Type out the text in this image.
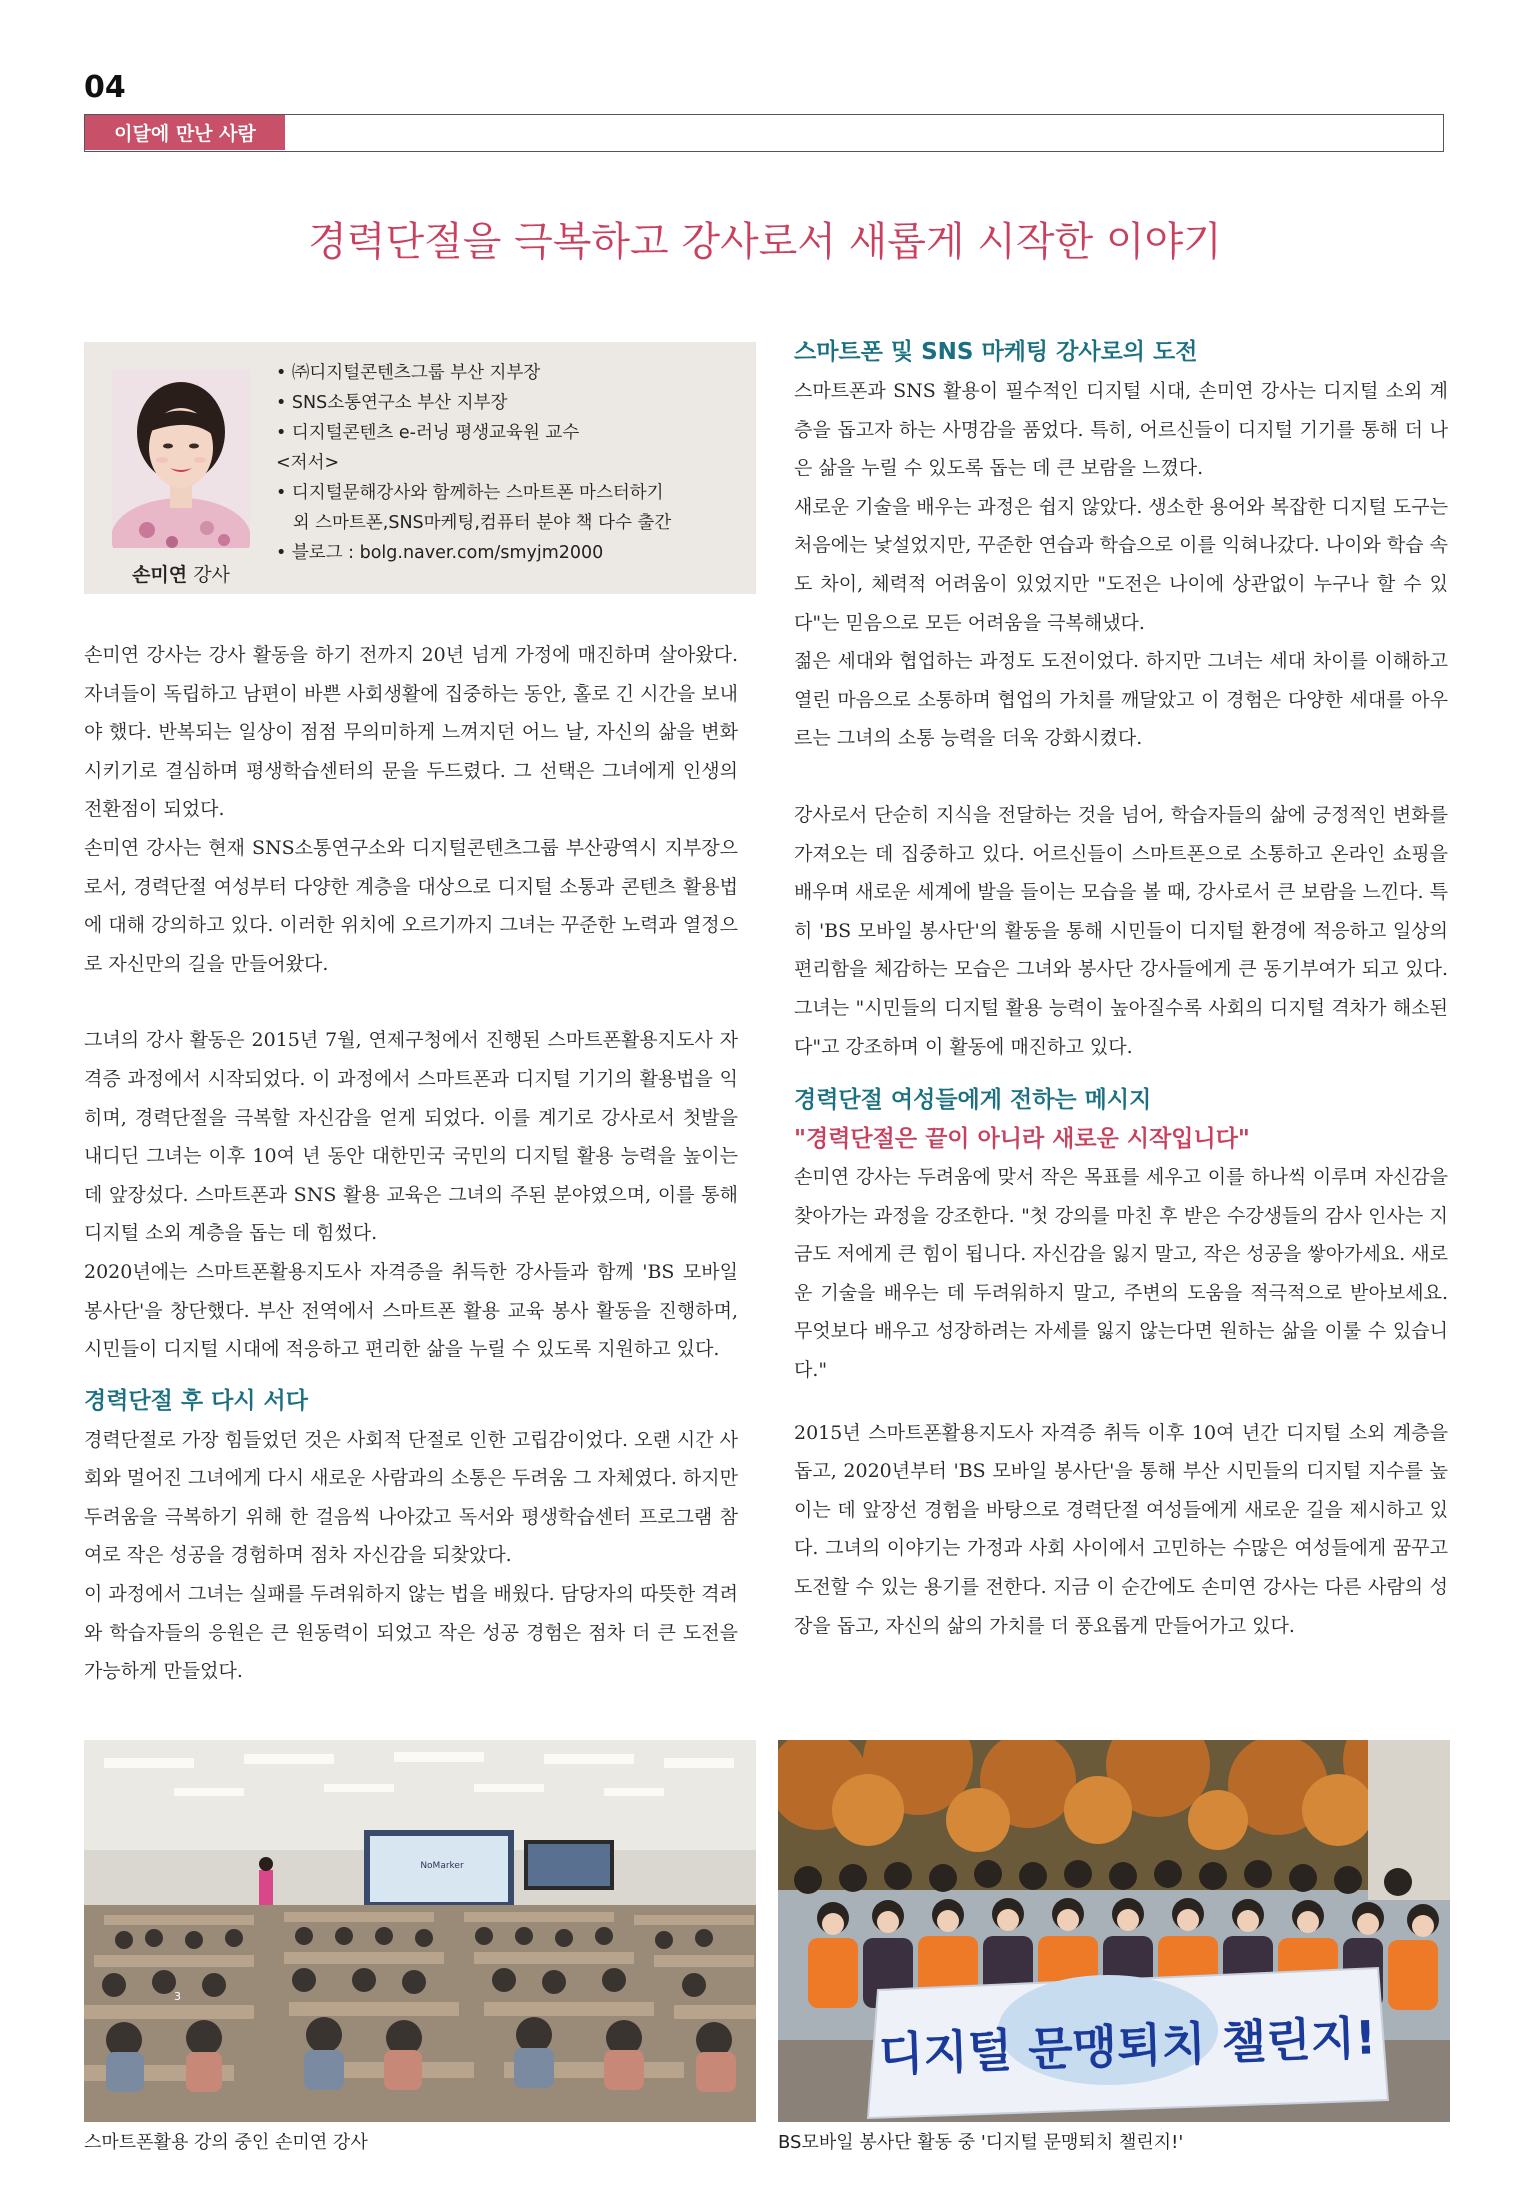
04
이달에 만난 사람
경력단절을 극복하고 강사로서 새롭게 시작한 이야기
손미연 강사
• ㈜디지털콘텐츠그룹 부산 지부장
• SNS소통연구소 부산 지부장
• 디지털콘텐츠 e-러닝 평생교육원 교수
<저서>
• 디지털문해강사와 함께하는 스마트폰 마스터하기
외 스마트폰,SNS마케팅,컴퓨터 분야 책 다수 출간
• 블로그 : bolg.naver.com/smyjm2000

손미연 강사는 강사 활동을 하기 전까지 20년 넘게 가정에 매진하며 살아왔다. 자녀들이 독립하고 남편이 바쁜 사회생활에 집중하는 동안, 홀로 긴 시간을 보내야 했다. 반복되는 일상이 점점 무의미하게 느껴지던 어느 날, 자신의 삶을 변화시키기로 결심하며 평생학습센터의 문을 두드렸다. 그 선택은 그녀에게 인생의 전환점이 되었다.

손미연 강사는 현재 SNS소통연구소와 디지털콘텐츠그룹 부산광역시 지부장으로서, 경력단절 여성부터 다양한 계층을 대상으로 디지털 소통과 콘텐츠 활용법에 대해 강의하고 있다. 이러한 위치에 오르기까지 그녀는 꾸준한 노력과 열정으로 자신만의 길을 만들어왔다.

그녀의 강사 활동은 2015년 7월, 연제구청에서 진행된 스마트폰활용지도사 자격증 과정에서 시작되었다. 이 과정에서 스마트폰과 디지털 기기의 활용법을 익히며, 경력단절을 극복할 자신감을 얻게 되었다. 이를 계기로 강사로서 첫발을 내디딘 그녀는 이후 10여 년 동안 대한민국 국민의 디지털 활용 능력을 높이는 데 앞장섰다. 스마트폰과 SNS 활용 교육은 그녀의 주된 분야였으며, 이를 통해 디지털 소외 계층을 돕는 데 힘썼다.

2020년에는 스마트폰활용지도사 자격증을 취득한 강사들과 함께 'BS 모바일 봉사단'을 창단했다. 부산 전역에서 스마트폰 활용 교육 봉사 활동을 진행하며, 시민들이 디지털 시대에 적응하고 편리한 삶을 누릴 수 있도록 지원하고 있다.

경력단절 후 다시 서다

경력단절로 가장 힘들었던 것은 사회적 단절로 인한 고립감이었다. 오랜 시간 사회와 멀어진 그녀에게 다시 새로운 사람과의 소통은 두려움 그 자체였다. 하지만 두려움을 극복하기 위해 한 걸음씩 나아갔고 독서와 평생학습센터 프로그램 참여로 작은 성공을 경험하며 점차 자신감을 되찾았다.

이 과정에서 그녀는 실패를 두려워하지 않는 법을 배웠다. 담당자의 따뜻한 격려와 학습자들의 응원은 큰 원동력이 되었고 작은 성공 경험은 점차 더 큰 도전을 가능하게 만들었다.

스마트폰 및 SNS 마케팅 강사로의 도전

스마트폰과 SNS 활용이 필수적인 디지털 시대, 손미연 강사는 디지털 소외 계층을 돕고자 하는 사명감을 품었다. 특히, 어르신들이 디지털 기기를 통해 더 나은 삶을 누릴 수 있도록 돕는 데 큰 보람을 느꼈다.

새로운 기술을 배우는 과정은 쉽지 않았다. 생소한 용어와 복잡한 디지털 도구는 처음에는 낯설었지만, 꾸준한 연습과 학습으로 이를 익혀나갔다. 나이와 학습 속도 차이, 체력적 어려움이 있었지만 "도전은 나이에 상관없이 누구나 할 수 있다"는 믿음으로 모든 어려움을 극복해냈다.

젊은 세대와 협업하는 과정도 도전이었다. 하지만 그녀는 세대 차이를 이해하고 열린 마음으로 소통하며 협업의 가치를 깨달았고 이 경험은 다양한 세대를 아우르는 그녀의 소통 능력을 더욱 강화시켰다.

강사로서 단순히 지식을 전달하는 것을 넘어, 학습자들의 삶에 긍정적인 변화를 가져오는 데 집중하고 있다. 어르신들이 스마트폰으로 소통하고 온라인 쇼핑을 배우며 새로운 세계에 발을 들이는 모습을 볼 때, 강사로서 큰 보람을 느낀다. 특히 'BS 모바일 봉사단'의 활동을 통해 시민들이 디지털 환경에 적응하고 일상의 편리함을 체감하는 모습은 그녀와 봉사단 강사들에게 큰 동기부여가 되고 있다. 그녀는 "시민들의 디지털 활용 능력이 높아질수록 사회의 디지털 격차가 해소된다"고 강조하며 이 활동에 매진하고 있다.

경력단절 여성들에게 전하는 메시지
"경력단절은 끝이 아니라 새로운 시작입니다"

손미연 강사는 두려움에 맞서 작은 목표를 세우고 이를 하나씩 이루며 자신감을 찾아가는 과정을 강조한다. "첫 강의를 마친 후 받은 수강생들의 감사 인사는 지금도 저에게 큰 힘이 됩니다. 자신감을 잃지 말고, 작은 성공을 쌓아가세요. 새로운 기술을 배우는 데 두려워하지 말고, 주변의 도움을 적극적으로 받아보세요. 무엇보다 배우고 성장하려는 자세를 잃지 않는다면 원하는 삶을 이룰 수 있습니다."

2015년 스마트폰활용지도사 자격증 취득 이후 10여 년간 디지털 소외 계층을 돕고, 2020년부터 'BS 모바일 봉사단'을 통해 부산 시민들의 디지털 지수를 높이는 데 앞장선 경험을 바탕으로 경력단절 여성들에게 새로운 길을 제시하고 있다. 그녀의 이야기는 가정과 사회 사이에서 고민하는 수많은 여성들에게 꿈꾸고 도전할 수 있는 용기를 전한다. 지금 이 순간에도 손미연 강사는 다른 사람의 성장을 돕고, 자신의 삶의 가치를 더 풍요롭게 만들어가고 있다.

NoMarker
3
스마트폰활용 강의 중인 손미연 강사
디지털 문맹퇴치 챌린지!
BS모바일 봉사단 활동 중 '디지털 문맹퇴치 챌린지!'
